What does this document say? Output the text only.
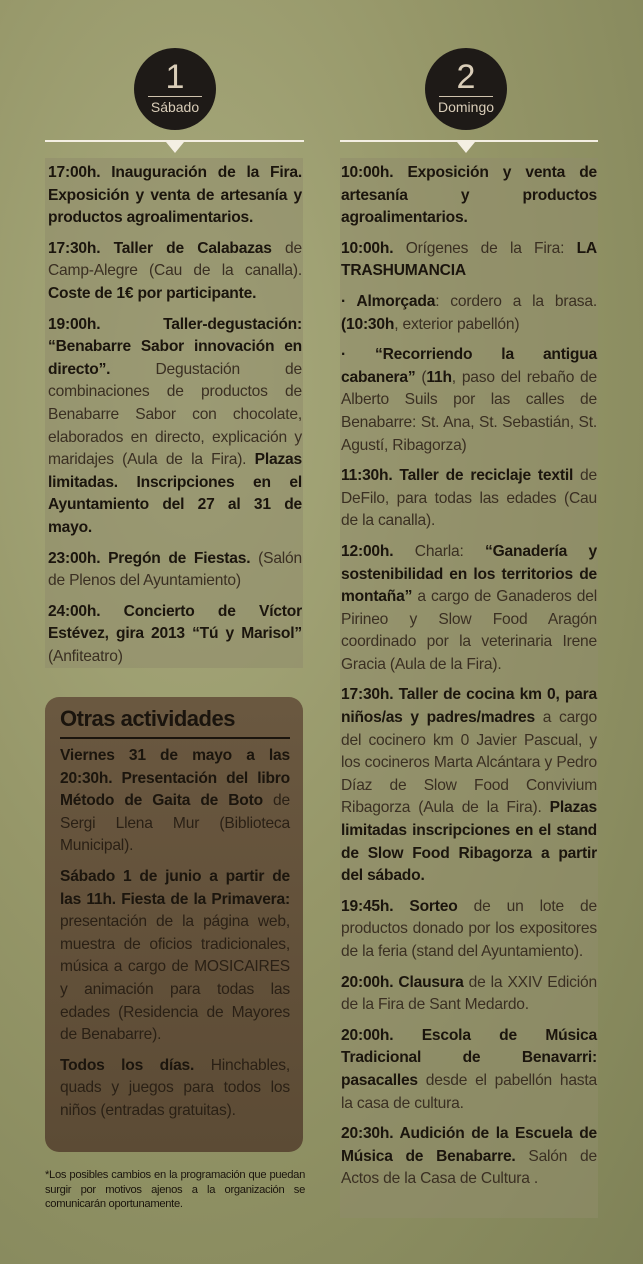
1
Sábado
2
Domingo

17:00h. Inauguración de la Fira. Exposición y venta de artesanía y productos agroalimentarios.

17:30h. Taller de Calabazas de Camp-Alegre (Cau de la canalla). Coste de 1€ por participante.

19:00h. Taller-degustación: “Benabarre Sabor innovación en directo”. Degustación de combinaciones de productos de Benabarre Sabor con chocolate, elaborados en directo, explicación y maridajes (Aula de la Fira). Plazas limitadas. Inscripciones en el Ayuntamiento del 27 al 31 de mayo.

23:00h. Pregón de Fiestas. (Salón de Plenos del Ayuntamiento)

24:00h. Concierto de Víctor Estévez, gira 2013 “Tú y Marisol” (Anfiteatro)

Otras actividades

Viernes 31 de mayo a las 20:30h. Presentación del libro Método de Gaita de Boto de Sergi Llena Mur (Biblioteca Municipal).

Sábado 1 de junio a partir de las 11h. Fiesta de la Primavera: presentación de la página web, muestra de oficios tradicionales, música a cargo de MOSICAIRES y animación para todas las edades (Residencia de Mayores de Benabarre).

Todos los días. Hinchables, quads y juegos para todos los niños (entradas gratuitas).

*Los posibles cambios en la programación que puedan surgir por motivos ajenos a la organización se comunicarán oportunamente.

10:00h. Exposición y venta de artesanía y productos agroalimentarios.

10:00h. Orígenes de la Fira: LA TRASHUMANCIA

· Almorçada: cordero a la brasa. (10:30h, exterior pabellón)

· “Recorriendo la antigua cabanera” (11h, paso del rebaño de Alberto Suils por las calles de Benabarre: St. Ana, St. Sebastián, St. Agustí, Ribagorza)

11:30h. Taller de reciclaje textil de DeFilo, para todas las edades (Cau de la canalla).

12:00h. Charla: “Ganadería y sostenibilidad en los territorios de montaña” a cargo de Ganaderos del Pirineo y Slow Food Aragón coordinado por la veterinaria Irene Gracia (Aula de la Fira).

17:30h. Taller de cocina km 0, para niños/as y padres/madres a cargo del cocinero km 0 Javier Pascual, y los cocineros Marta Alcántara y Pedro Díaz de Slow Food Convivium Ribagorza (Aula de la Fira). Plazas limitadas inscripciones en el stand de Slow Food Ribagorza a partir del sábado.

19:45h. Sorteo de un lote de productos donado por los expositores de la feria (stand del Ayuntamiento).

20:00h. Clausura de la XXIV Edición de la Fira de Sant Medardo.

20:00h. Escola de Música Tradicional de Benavarri: pasacalles desde el pabellón hasta la casa de cultura.

20:30h. Audición de la Escuela de Música de Benabarre. Salón de Actos de la Casa de Cultura .
